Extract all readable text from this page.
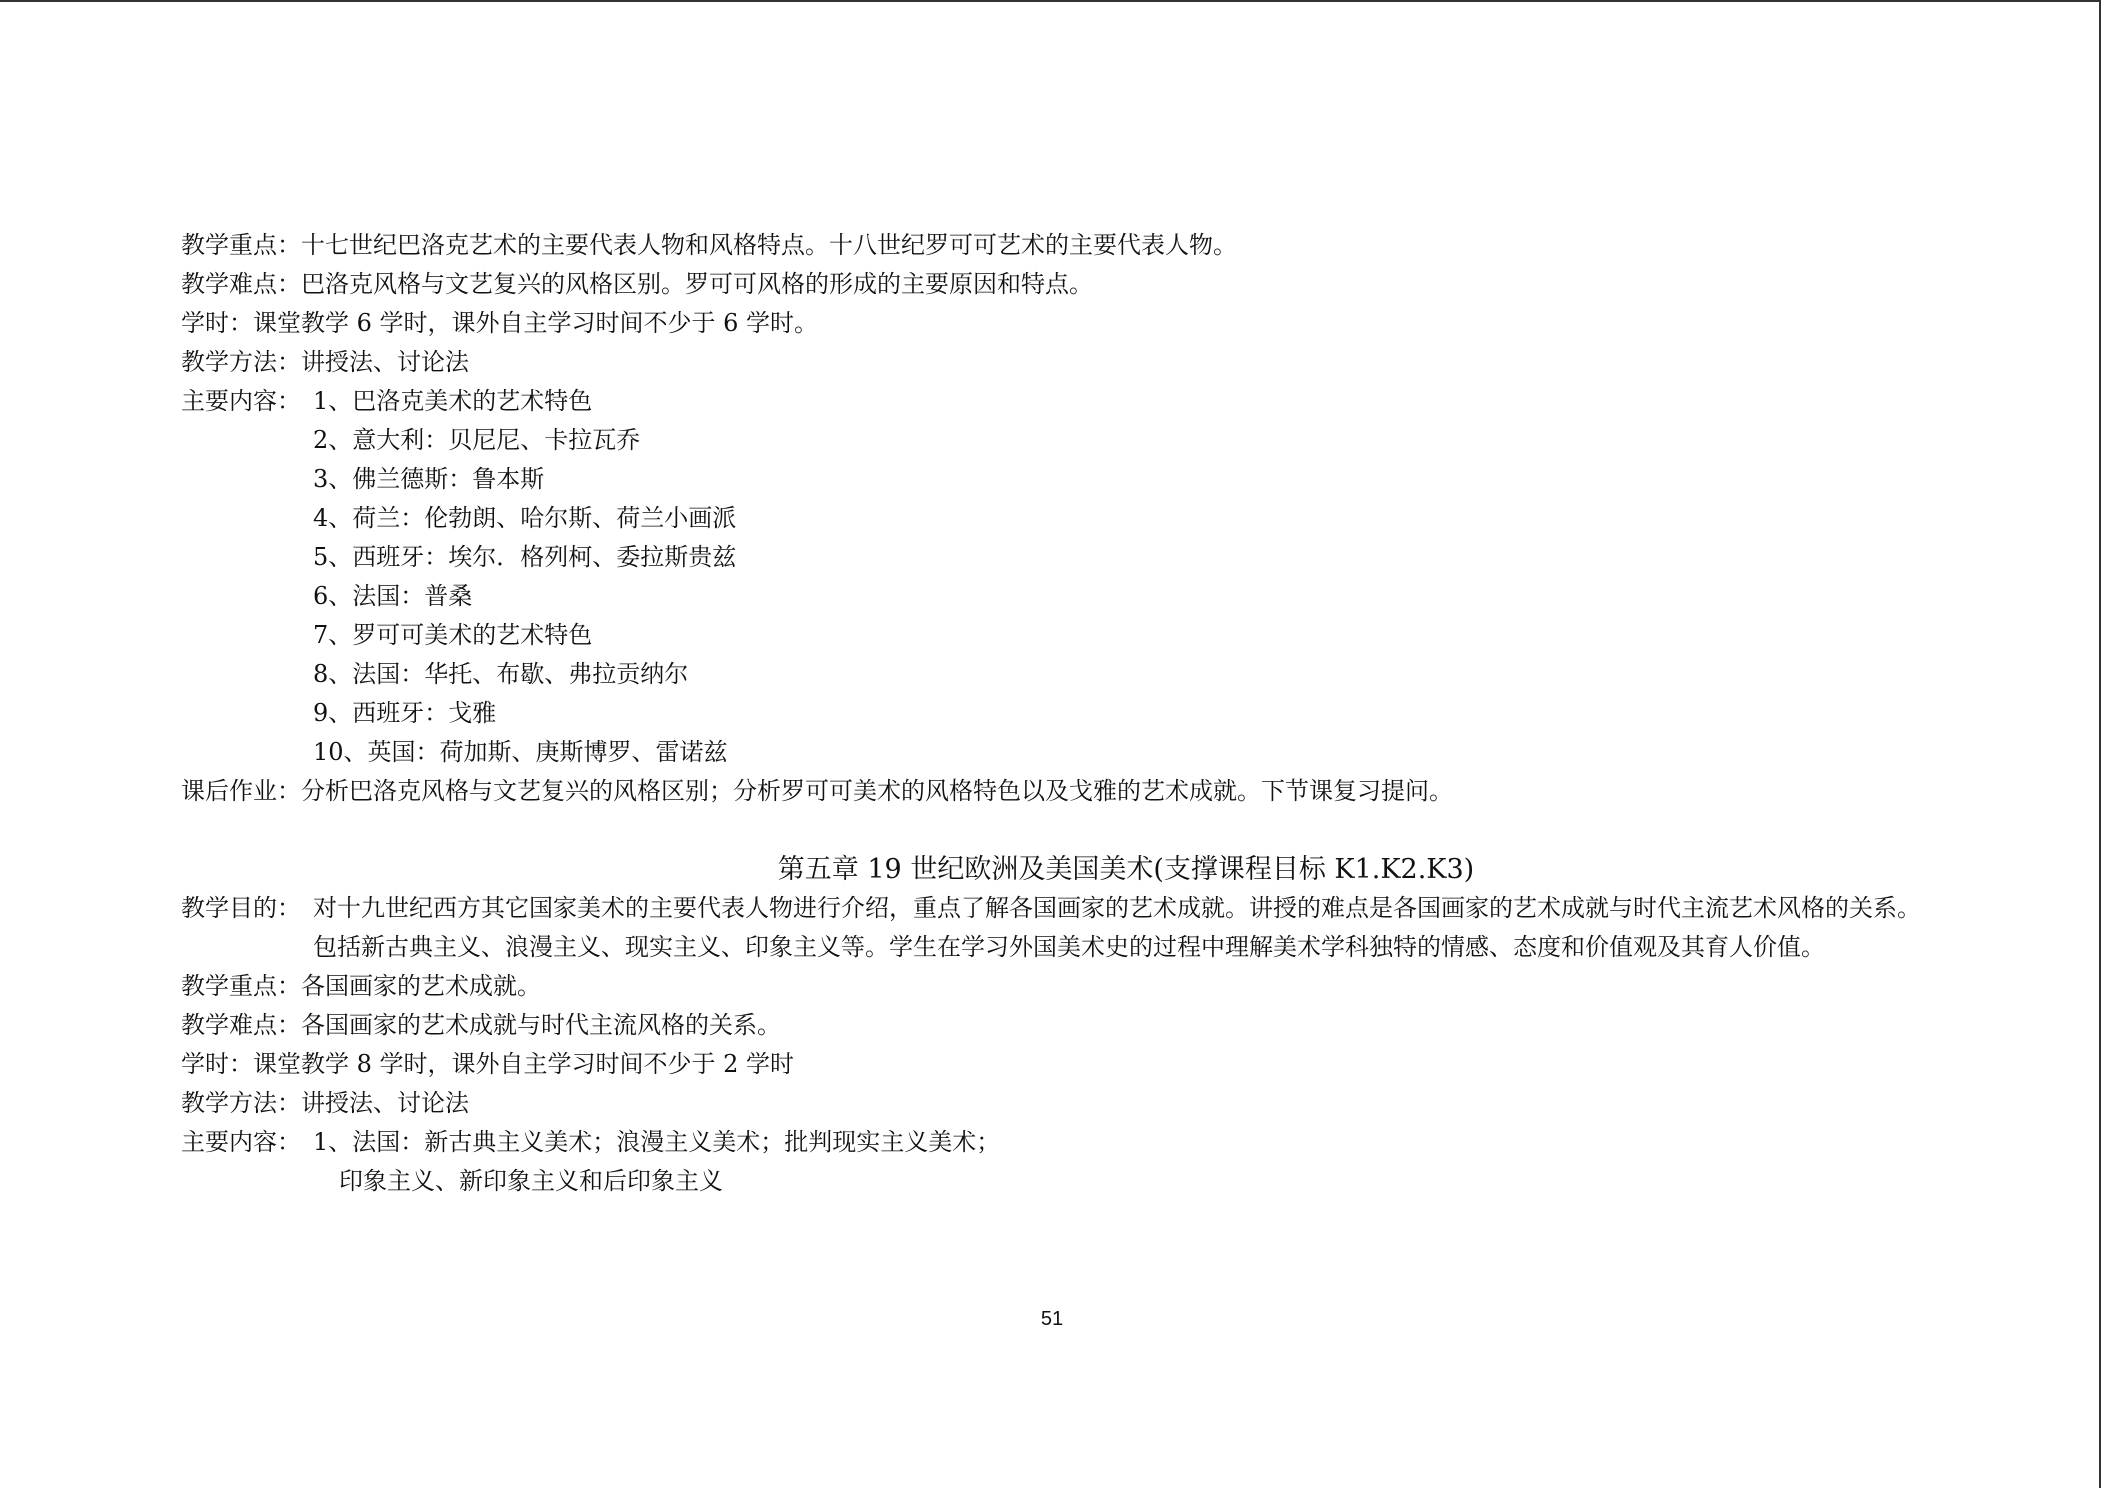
教学重点： 十七世纪巴洛克艺术的主要代表人物和风格特点。十八世纪罗可可艺术的主要代表人物。
教学难点： 巴洛克风格与文艺复兴的风格区别。罗可可风格的形成的主要原因和特点。
学时： 课堂教学 6 学时，课外自主学习时间不少于 6 学时。
教学方法： 讲授法、讨论法
主要内容： 1、巴洛克美术的艺术特色
2、意大利：贝尼尼、卡拉瓦乔
3、佛兰德斯：鲁本斯
4、荷兰：伦勃朗、哈尔斯、荷兰小画派
5、西班牙：埃尔．格列柯、委拉斯贵兹
6、法国：普桑
7、罗可可美术的艺术特色
8、法国：华托、布歇、弗拉贡纳尔
9、西班牙：戈雅
10、英国：荷加斯、庚斯博罗、雷诺兹
课后作业： 分析巴洛克风格与文艺复兴的风格区别；分析罗可可美术的风格特色以及戈雅的艺术成就。下节课复习提问。
第五章 19 世纪欧洲及美国美术(支撑课程目标 K1.K2.K3)
教学目的： 对十九世纪西方其它国家美术的主要代表人物进行介绍，重点了解各国画家的艺术成就。讲授的难点是各国画家的艺术成就与时代主流艺术风格的关系。包括新古典主义、浪漫主义、现实主义、印象主义等。学生在学习外国美术史的过程中理解美术学科独特的情感、态度和价值观及其育人价值。
教学重点： 各国画家的艺术成就。
教学难点： 各国画家的艺术成就与时代主流风格的关系。
学时： 课堂教学 8 学时，课外自主学习时间不少于 2 学时
教学方法： 讲授法、讨论法
主要内容： 1、法国：新古典主义美术；浪漫主义美术；批判现实主义美术；
印象主义、新印象主义和后印象主义
51
